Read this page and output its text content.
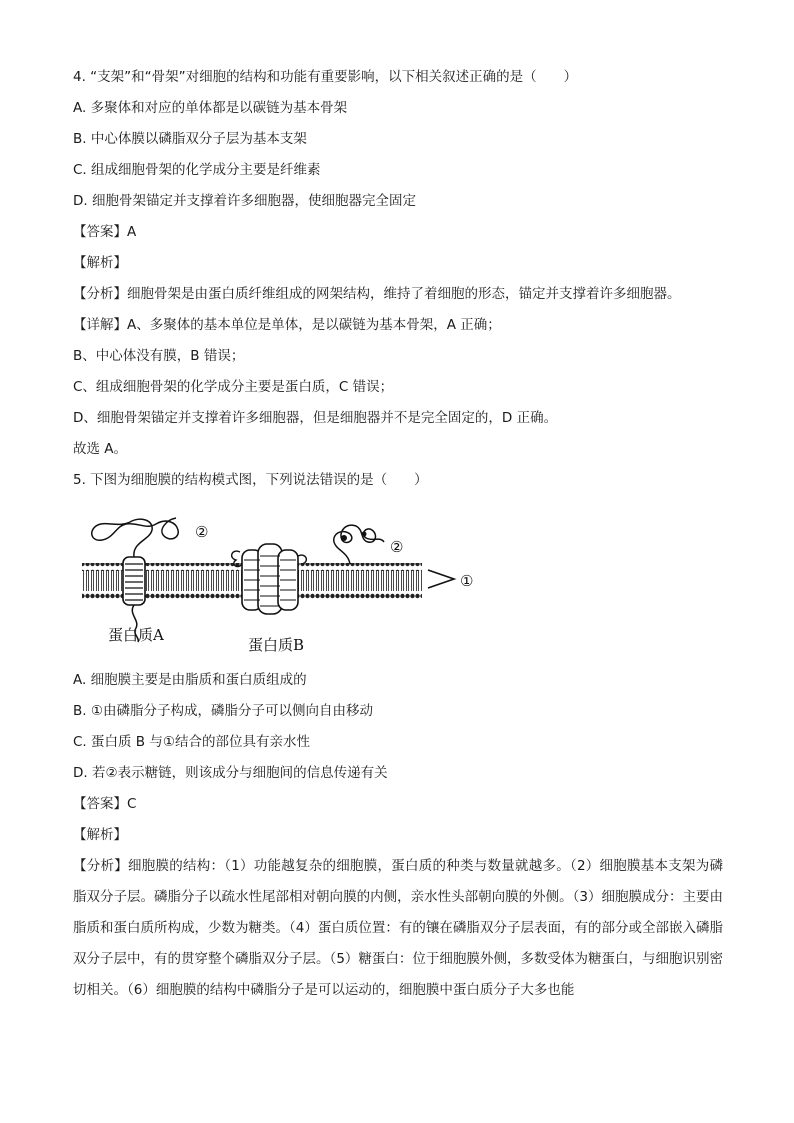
4. “支架”和“骨架”对细胞的结构和功能有重要影响，以下相关叙述正确的是（　　）
A. 多聚体和对应的单体都是以碳链为基本骨架
B. 中心体膜以磷脂双分子层为基本支架
C. 组成细胞骨架的化学成分主要是纤维素
D. 细胞骨架锚定并支撑着许多细胞器，使细胞器完全固定
【答案】A
【解析】
【分析】细胞骨架是由蛋白质纤维组成的网架结构，维持了着细胞的形态，锚定并支撑着许多细胞器。
【详解】A、多聚体的基本单位是单体，是以碳链为基本骨架，A 正确；
B、中心体没有膜，B 错误；
C、组成细胞骨架的化学成分主要是蛋白质，C 错误；
D、细胞骨架锚定并支撑着许多细胞器，但是细胞器并不是完全固定的，D 正确。
故选 A。
5. 下图为细胞膜的结构模式图，下列说法错误的是（　　）
②
②
①
蛋白质A
蛋白质B
A. 细胞膜主要是由脂质和蛋白质组成的
B. ①由磷脂分子构成，磷脂分子可以侧向自由移动
C. 蛋白质 B 与①结合的部位具有亲水性
D. 若②表示糖链，则该成分与细胞间的信息传递有关
【答案】C
【解析】
【分析】细胞膜的结构：（1）功能越复杂的细胞膜，蛋白质的种类与数量就越多。（2）细胞膜基本支架为磷脂双分子层。磷脂分子以疏水性尾部相对朝向膜的内侧，亲水性头部朝向膜的外侧。（3）细胞膜成分：主要由脂质和蛋白质所构成，少数为糖类。（4）蛋白质位置：有的镶在磷脂双分子层表面，有的部分或全部嵌入磷脂双分子层中，有的贯穿整个磷脂双分子层。（5）糖蛋白：位于细胞膜外侧，多数受体为糖蛋白，与细胞识别密切相关。（6）细胞膜的结构中磷脂分子是可以运动的，细胞膜中蛋白质分子大多也能
